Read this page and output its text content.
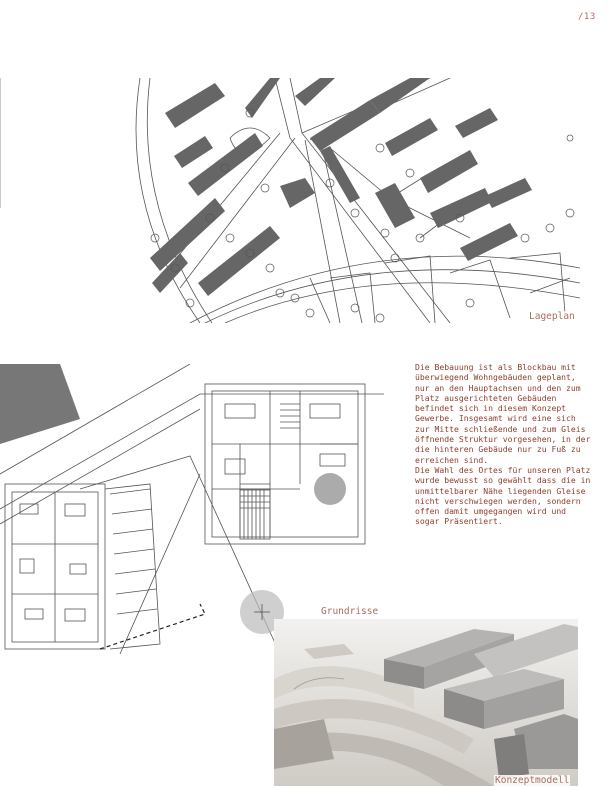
/13
Lageplan
Grundrisse

Die Bebauung ist als Blockbau mit überwiegend Wohngebäuden geplant, nur an den Hauptachsen und den zum Platz ausgerichteten Gebäuden befindet sich in diesem Konzept Gewerbe. Insgesamt wird eine sich zur Mitte schließende und zum Gleis öffnende Struktur vorgesehen, in der die hinteren Gebäude nur zu Fuß zu erreichen sind.

Die Wahl des Ortes für unseren Platz wurde bewusst so gewählt dass die in unmittelbarer Nähe liegenden Gleise nicht verschwiegen werden, sondern offen damit umgegangen wird und sogar Präsentiert.

Konzeptmodell
